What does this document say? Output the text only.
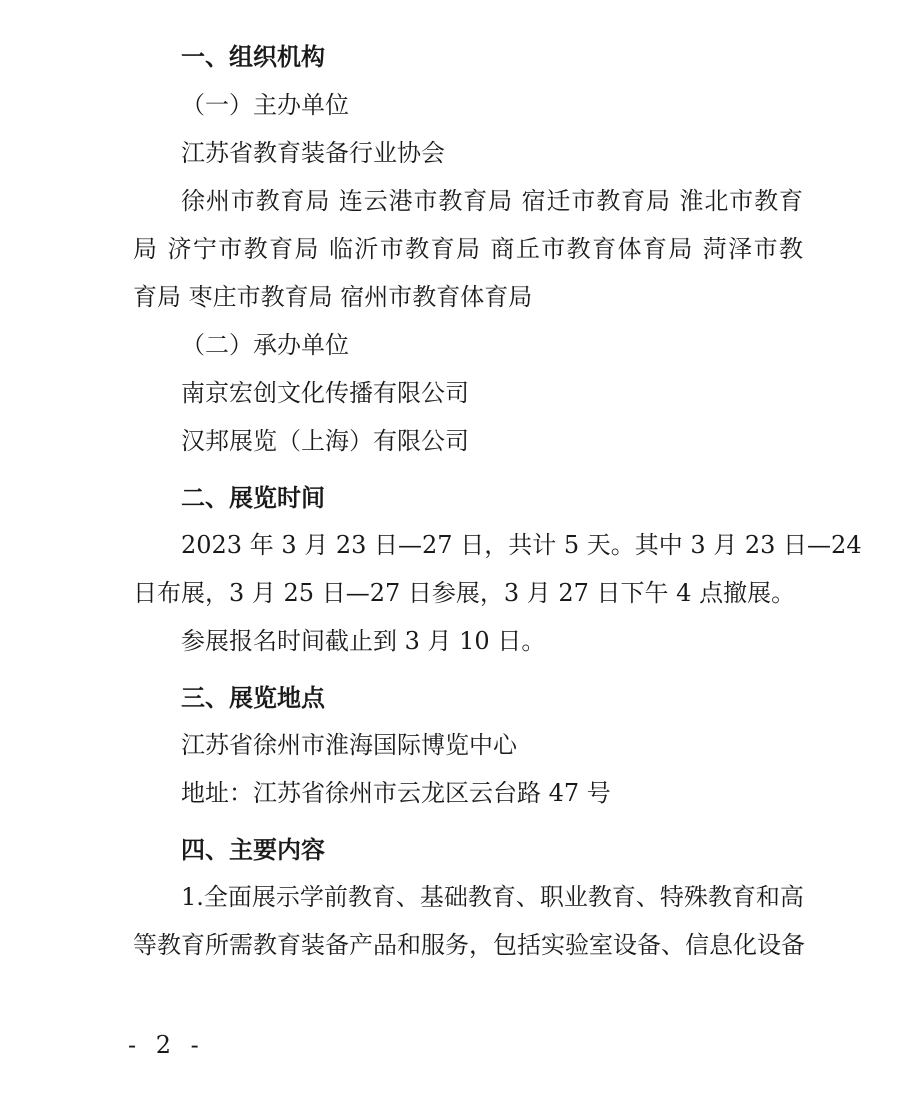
一、组织机构
（一）主办单位
江苏省教育装备行业协会
徐州市教育局 连云港市教育局 宿迁市教育局 淮北市教育
局 济宁市教育局 临沂市教育局 商丘市教育体育局 菏泽市教
育局 枣庄市教育局 宿州市教育体育局
（二）承办单位
南京宏创文化传播有限公司
汉邦展览（上海）有限公司
二、展览时间
2023 年 3 月 23 日—27 日，共计 5 天。其中 3 月 23 日—24
日布展，3 月 25 日—27 日参展，3 月 27 日下午 4 点撤展。
参展报名时间截止到 3 月 10 日。
三、展览地点
江苏省徐州市淮海国际博览中心
地址：江苏省徐州市云龙区云台路 47 号
四、主要内容
1.全面展示学前教育、基础教育、职业教育、特殊教育和高
等教育所需教育装备产品和服务，包括实验室设备、信息化设备
- 2 -
